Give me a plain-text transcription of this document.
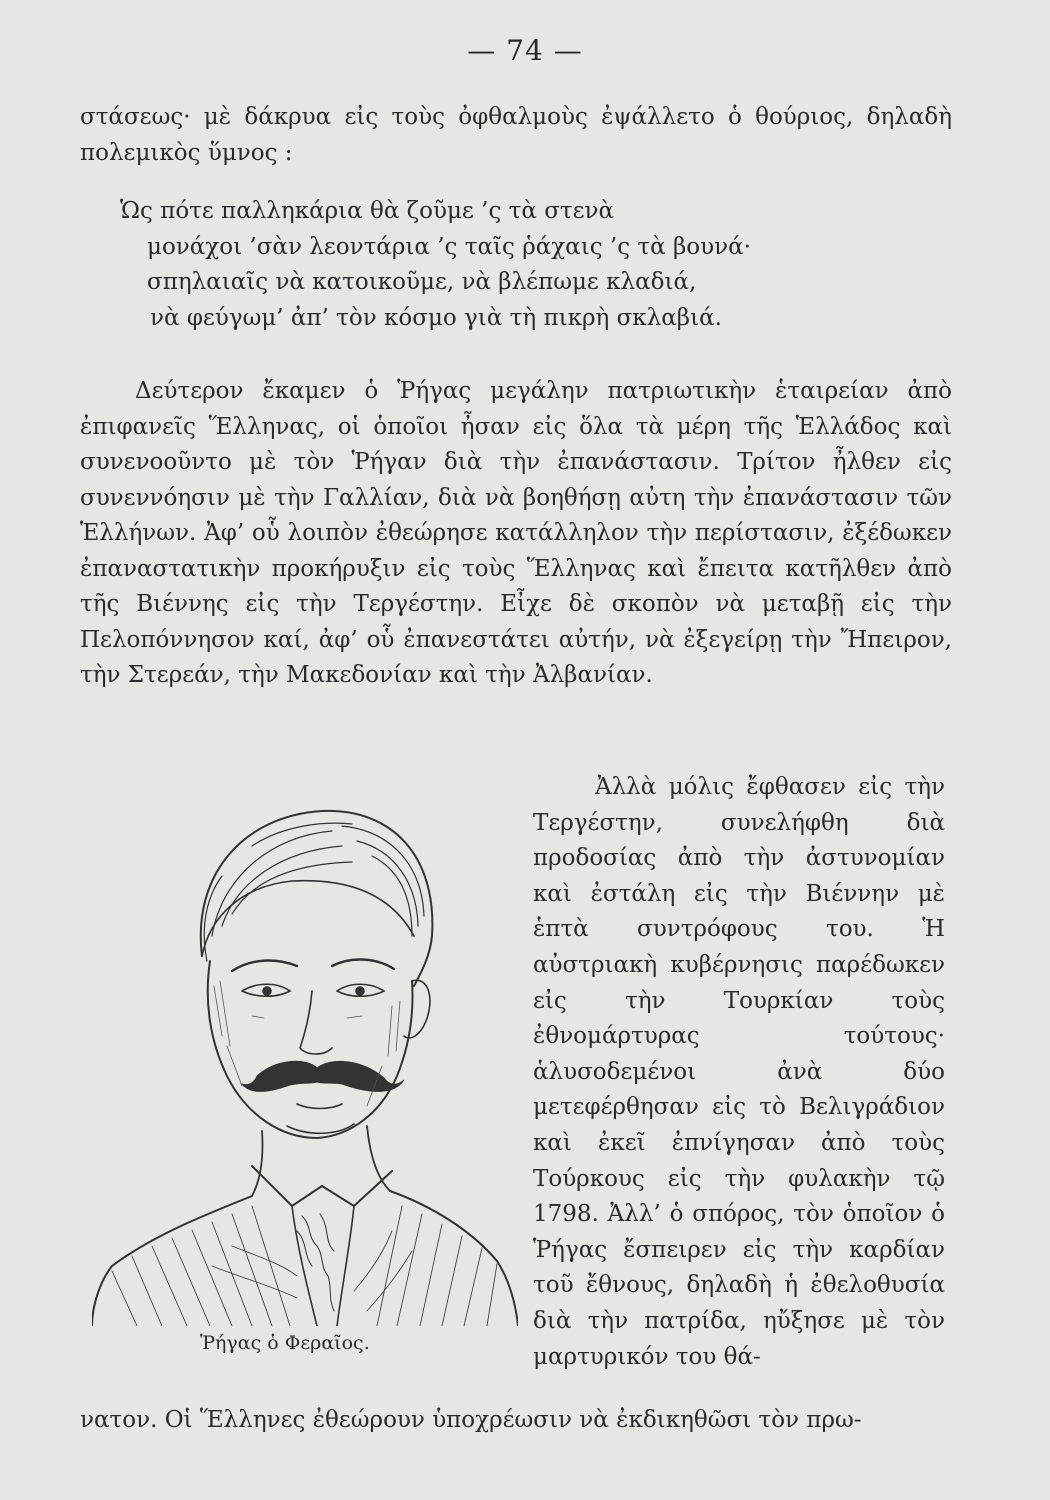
— 74 —

στάσεως· μὲ δάκρυα εἰς τοὺς ὀφθαλμοὺς ἐψάλλετο ὁ θούριος, δηλαδὴ πολεμικὸς ὕμνος :

Ὡς πότε παλληκάρια θὰ ζοῦμε ’ς τὰ στενὰ
μονάχοι ’σὰν λεοντάρια ’ς ταῖς ῥάχαις ’ς τὰ βουνά·
σπηλαιαῖς νὰ κατοικοῦμε, νὰ βλέπωμε κλαδιά,
νὰ φεύγωμ’ ἀπ’ τὸν κόσμο γιὰ τὴ πικρὴ σκλαβιά.

Δεύτερον ἔκαμεν ὁ Ῥήγας μεγάλην πατριωτικὴν ἑταιρείαν ἀπὸ ἐπιφανεῖς Ἕλληνας, οἱ ὁποῖοι ἦσαν εἰς ὅλα τὰ μέρη τῆς Ἑλλάδος καὶ συνενοοῦντο μὲ τὸν Ῥήγαν διὰ τὴν ἐπανάστασιν. Τρίτον ἦλθεν εἰς συνεννόησιν μὲ τὴν Γαλλίαν, διὰ νὰ βοηθήσῃ αὐτη τὴν ἐπανάστασιν τῶν Ἑλλήνων. Ἀφ’ οὗ λοιπὸν ἐθεώρησε κατάλληλον τὴν περίστασιν, ἐξέδωκεν ἐπαναστατικὴν προκήρυξιν εἰς τοὺς Ἕλληνας καὶ ἔπειτα κατῆλθεν ἀπὸ τῆς Βιέννης εἰς τὴν Τεργέστην. Εἶχε δὲ σκοπὸν νὰ μεταβῇ εἰς τὴν Πελοπόννησον καί, ἀφ’ οὗ ἐπανεστάτει αὐτήν, νὰ ἐξεγείρῃ τὴν Ἤπειρον, τὴν Στερεάν, τὴν Μακεδονίαν καὶ τὴν Ἀλβανίαν.

Ῥήγας ὁ Φεραῖος.

Ἀλλὰ μόλις ἔφθασεν εἰς τὴν Τεργέστην, συνελήφθη διὰ προδοσίας ἀπὸ τὴν ἀστυνομίαν καὶ ἐστάλη εἰς τὴν Βιέννην μὲ ἑπτὰ συντρόφους του. Ἡ αὐστριακὴ κυβέρνησις παρέδωκεν εἰς τὴν Τουρκίαν τοὺς ἐθνομάρτυρας τούτους· ἁλυσοδεμένοι ἀνὰ δύο μετεφέρθησαν εἰς τὸ Βελιγράδιον καὶ ἐκεῖ ἐπνίγησαν ἀπὸ τοὺς Τούρκους εἰς τὴν φυλακὴν τῷ 1798. Ἀλλ’ ὁ σπόρος, τὸν ὁποῖον ὁ Ῥήγας ἔσπειρεν εἰς τὴν καρδίαν τοῦ ἔθνους, δηλαδὴ ἡ ἐθελοθυσία διὰ τὴν πατρίδα, ηὔξησε μὲ τὸν μαρτυρικόν του θά-

νατον. Οἱ Ἕλληνες ἐθεώρουν ὑποχρέωσιν νὰ ἐκδικηθῶσι τὸν πρω-
